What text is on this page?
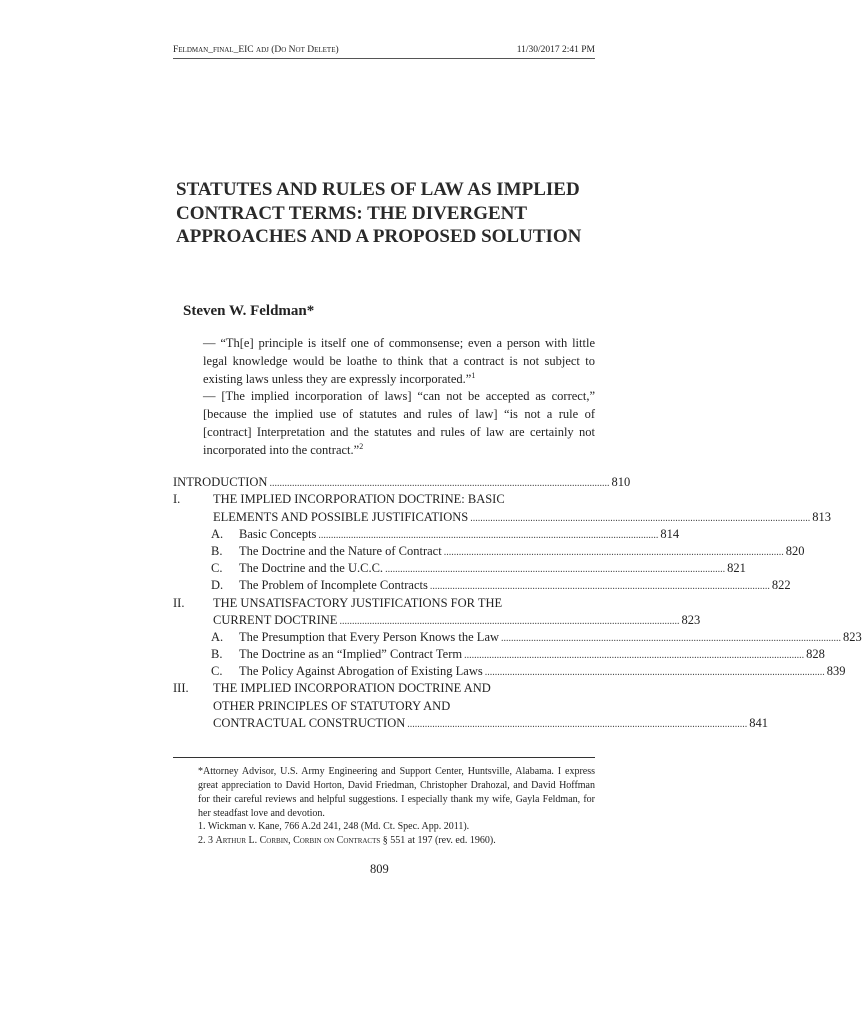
Feldman_final_EIC adj (Do Not Delete)	11/30/2017 2:41 PM
STATUTES AND RULES OF LAW AS IMPLIED CONTRACT TERMS: THE DIVERGENT APPROACHES AND A PROPOSED SOLUTION
Steven W. Feldman*
— “Th[e] principle is itself one of commonsense; even a person with little legal knowledge would be loathe to think that a contract is not subject to existing laws unless they are expressly incorporated.”$^1$
— [The implied incorporation of laws] “can not be accepted as correct,” [because the implied use of statutes and rules of law] “is not a rule of [contract] Interpretation and the statutes and rules of law are certainly not incorporated into the contract.”$^2$
INTRODUCTION ........................................................................................................................................ 810
I.	THE IMPLIED INCORPORATION DOCTRINE: BASIC
ELEMENTS AND POSSIBLE JUSTIFICATIONS ........................................................................................................................................ 813
A.	Basic Concepts ........................................................................................................................................ 814
B.	The Doctrine and the Nature of Contract ........................................................................................................................................ 820
C.	The Doctrine and the U.C.C. ........................................................................................................................................ 821
D.	The Problem of Incomplete Contracts ........................................................................................................................................ 822
II.	THE UNSATISFACTORY JUSTIFICATIONS FOR THE
CURRENT DOCTRINE ........................................................................................................................................ 823
A.	The Presumption that Every Person Knows the Law ........................................................................................................................................ 823
B.	The Doctrine as an “Implied” Contract Term ........................................................................................................................................ 828
C.	The Policy Against Abrogation of Existing Laws ........................................................................................................................................ 839
III.	THE IMPLIED INCORPORATION DOCTRINE AND
OTHER PRINCIPLES OF STATUTORY AND
CONTRACTUAL CONSTRUCTION ........................................................................................................................................ 841
*Attorney Advisor, U.S. Army Engineering and Support Center, Huntsville, Alabama. I express great appreciation to David Horton, David Friedman, Christopher Drahozal, and David Hoffman for their careful reviews and helpful suggestions. I especially thank my wife, Gayla Feldman, for her steadfast love and devotion.
1. Wickman v. Kane, 766 A.2d 241, 248 (Md. Ct. Spec. App. 2011).
2. 3 Arthur L. Corbin, Corbin on Contracts § 551 at 197 (rev. ed. 1960).
809
